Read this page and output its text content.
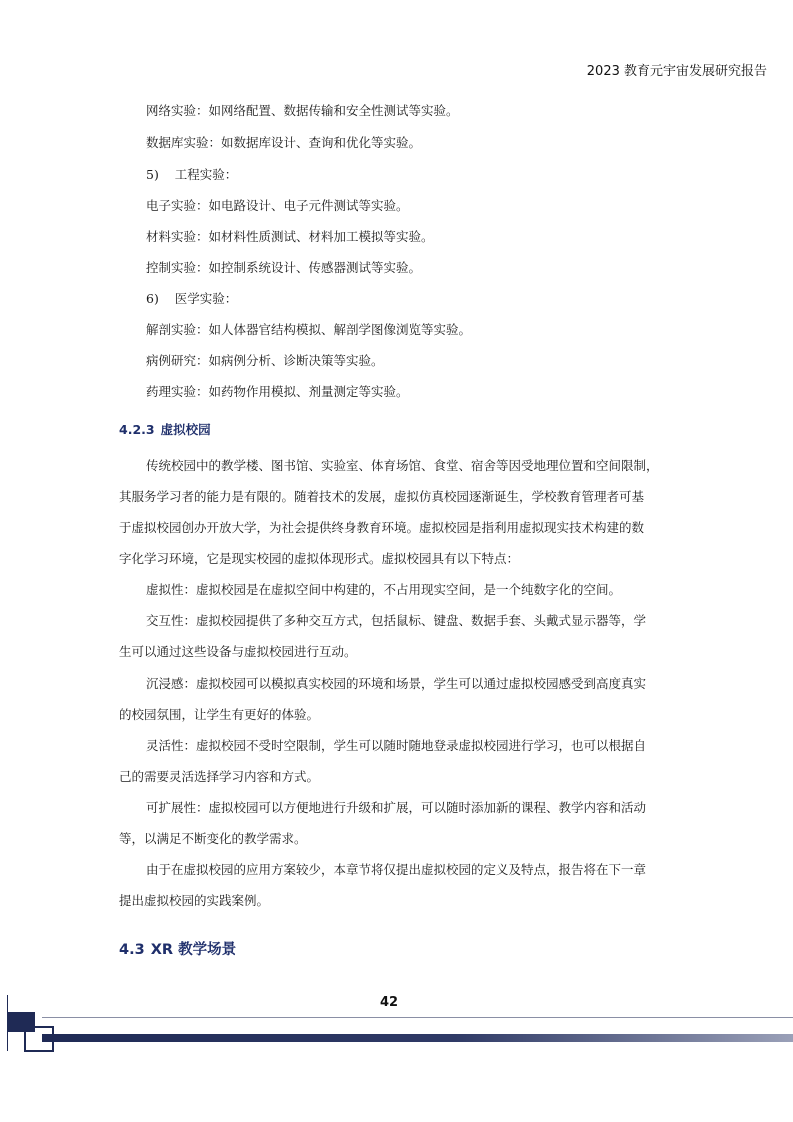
2023 教育元宇宙发展研究报告
网络实验：如网络配置、数据传输和安全性测试等实验。
数据库实验：如数据库设计、查询和优化等实验。
5)    工程实验：
电子实验：如电路设计、电子元件测试等实验。
材料实验：如材料性质测试、材料加工模拟等实验。
控制实验：如控制系统设计、传感器测试等实验。
6)    医学实验：
解剖实验：如人体器官结构模拟、解剖学图像浏览等实验。
病例研究：如病例分析、诊断决策等实验。
药理实验：如药物作用模拟、剂量测定等实验。
4.2.3 虚拟校园
传统校园中的教学楼、图书馆、实验室、体育场馆、食堂、宿舍等因受地理位置和空间限制，
其服务学习者的能力是有限的。随着技术的发展，虚拟仿真校园逐渐诞生，学校教育管理者可基
于虚拟校园创办开放大学，为社会提供终身教育环境。虚拟校园是指利用虚拟现实技术构建的数
字化学习环境，它是现实校园的虚拟体现形式。虚拟校园具有以下特点：
虚拟性：虚拟校园是在虚拟空间中构建的，不占用现实空间，是一个纯数字化的空间。
交互性：虚拟校园提供了多种交互方式，包括鼠标、键盘、数据手套、头戴式显示器等，学
生可以通过这些设备与虚拟校园进行互动。
沉浸感：虚拟校园可以模拟真实校园的环境和场景，学生可以通过虚拟校园感受到高度真实
的校园氛围，让学生有更好的体验。
灵活性：虚拟校园不受时空限制，学生可以随时随地登录虚拟校园进行学习，也可以根据自
己的需要灵活选择学习内容和方式。
可扩展性：虚拟校园可以方便地进行升级和扩展，可以随时添加新的课程、教学内容和活动
等，以满足不断变化的教学需求。
由于在虚拟校园的应用方案较少，本章节将仅提出虚拟校园的定义及特点，报告将在下一章
提出虚拟校园的实践案例。
4.3 XR 教学场景
42
